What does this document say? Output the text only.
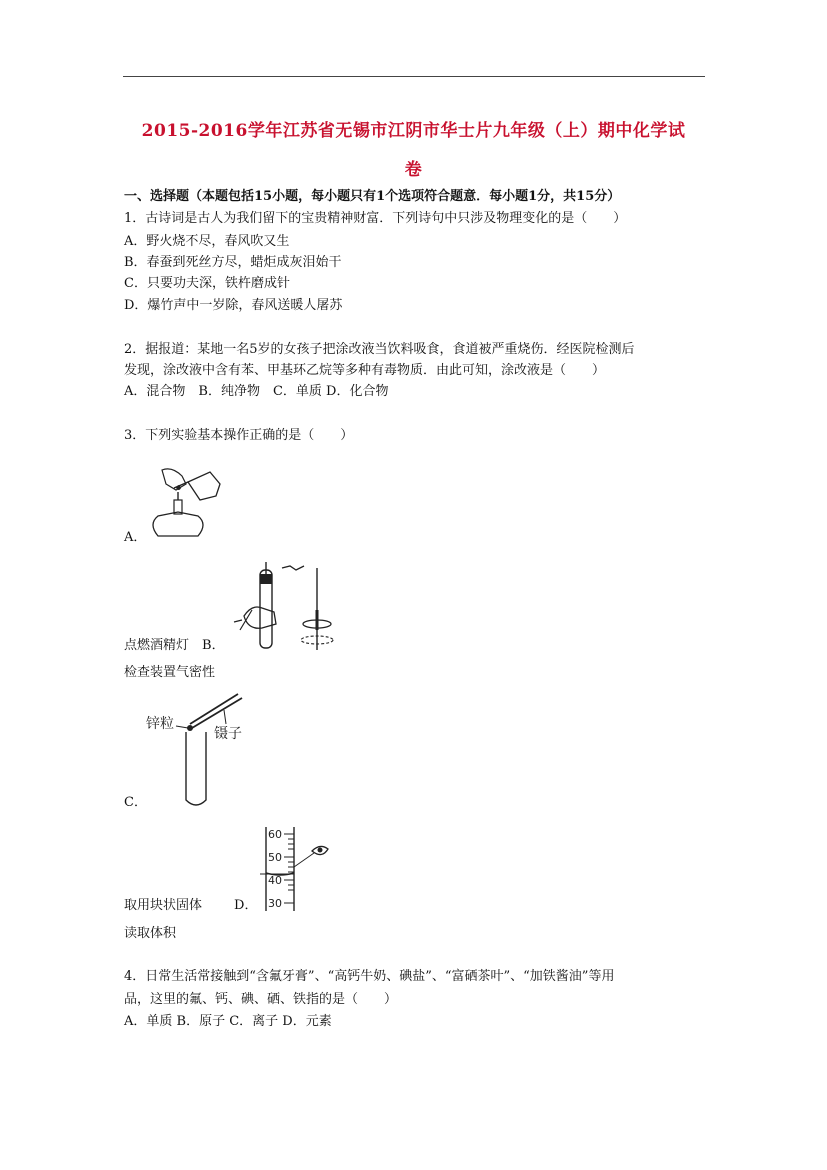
2015-2016学年江苏省无锡市江阴市华士片九年级（上）期中化学试
卷
一、选择题（本题包括15小题，每小题只有1个选项符合题意．每小题1分，共15分）
1．古诗词是古人为我们留下的宝贵精神财富．下列诗句中只涉及物理变化的是（　　）
A．野火烧不尽，春风吹又生
B．春蚕到死丝方尽，蜡炬成灰泪始干
C．只要功夫深，铁杵磨成针
D．爆竹声中一岁除，春风送暖人屠苏
2．据报道：某地一名5岁的女孩子把涂改液当饮料吸食，食道被严重烧伤．经医院检测后
发现，涂改液中含有苯、甲基环乙烷等多种有毒物质．由此可知，涂改液是（　　）
A．混合物　B．纯净物　C．单质 D．化合物
3．下列实验基本操作正确的是（　　）
A．
点燃酒精灯　 B．
检查装置气密性
锌粒
镊子
C．
60
50
40
30
取用块状固体 D．
读取体积
4．日常生活常接触到“含氟牙膏”、“高钙牛奶、碘盐”、“富硒茶叶”、“加铁酱油”等用
品，这里的氟、钙、碘、硒、铁指的是（　　）
A．单质 B．原子 C．离子 D．元素
